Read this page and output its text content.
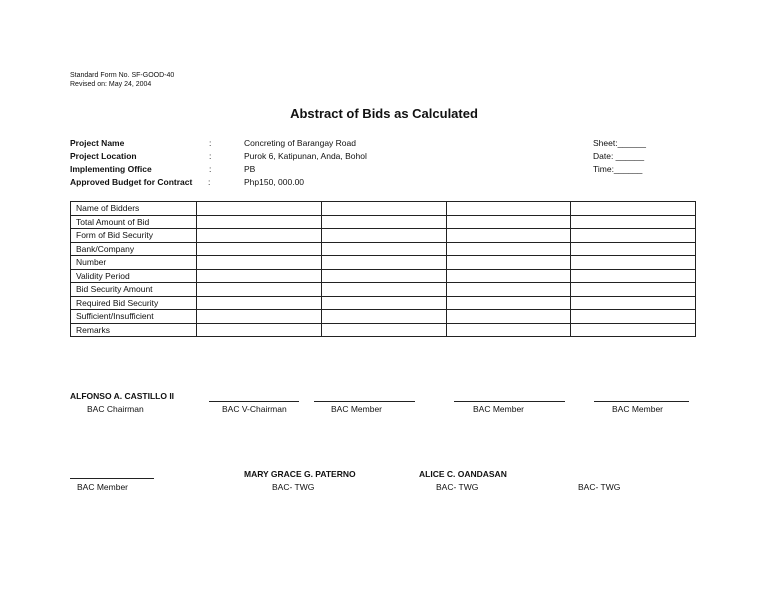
Standard Form No. SF-GOOD-40
Revised on: May 24, 2004
Abstract of Bids as Calculated
Project Name	:	Concreting of Barangay Road
Project Location	:	Purok 6, Katipunan, Anda, Bohol
Implementing Office	:	PB
Approved Budget for Contract :	Php150, 000.00
Sheet:______
Date: ______
Time:______
Name of Bidders				
Total Amount of Bid				
Form of Bid Security				
Bank/Company				
Number				
Validity Period				
Bid Security Amount				
Required Bid Security				
Sufficient/Insufficient				
Remarks				
ALFONSO A. CASTILLO II
BAC Chairman	BAC V-Chairman	BAC Member	BAC Member	BAC Member
BAC Member
MARY GRACE G. PATERNO
BAC- TWG
ALICE C. OANDASAN
BAC- TWG	BAC- TWG
